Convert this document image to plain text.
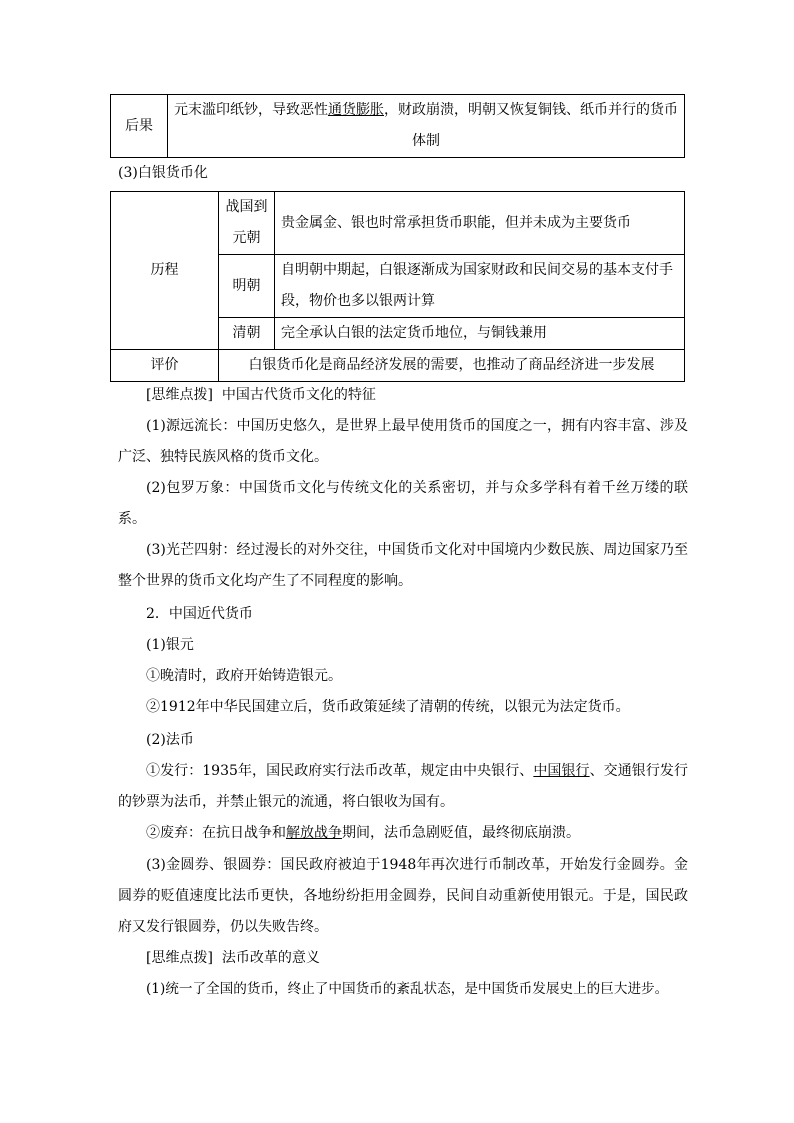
后果	元末滥印纸钞，导致恶性通货膨胀，财政崩溃，明朝又恢复铜钱、纸币并行的货币体制

(3)白银货币化

历程	战国到元朝	贵金属金、银也时常承担货币职能，但并未成为主要货币
	明朝	自明朝中期起，白银逐渐成为国家财政和民间交易的基本支付手段，物价也多以银两计算
	清朝	完全承认白银的法定货币地位，与铜钱兼用
评价	白银货币化是商品经济发展的需要，也推动了商品经济进一步发展	

[思维点拨] 中国古代货币文化的特征

(1)源远流长：中国历史悠久，是世界上最早使用货币的国度之一，拥有内容丰富、涉及广泛、独特民族风格的货币文化。

(2)包罗万象：中国货币文化与传统文化的关系密切，并与众多学科有着千丝万缕的联系。

(3)光芒四射：经过漫长的对外交往，中国货币文化对中国境内少数民族、周边国家乃至整个世界的货币文化均产生了不同程度的影响。

2．中国近代货币

(1)银元

①晚清时，政府开始铸造银元。

②1912年中华民国建立后，货币政策延续了清朝的传统，以银元为法定货币。

(2)法币

①发行：1935年，国民政府实行法币改革，规定由中央银行、中国银行、交通银行发行的钞票为法币，并禁止银元的流通，将白银收为国有。

②废弃：在抗日战争和解放战争期间，法币急剧贬值，最终彻底崩溃。

(3)金圆券、银圆券：国民政府被迫于1948年再次进行币制改革，开始发行金圆券。金圆券的贬值速度比法币更快，各地纷纷拒用金圆券，民间自动重新使用银元。于是，国民政府又发行银圆券，仍以失败告终。

[思维点拨] 法币改革的意义

(1)统一了全国的货币，终止了中国货币的紊乱状态，是中国货币发展史上的巨大进步。
